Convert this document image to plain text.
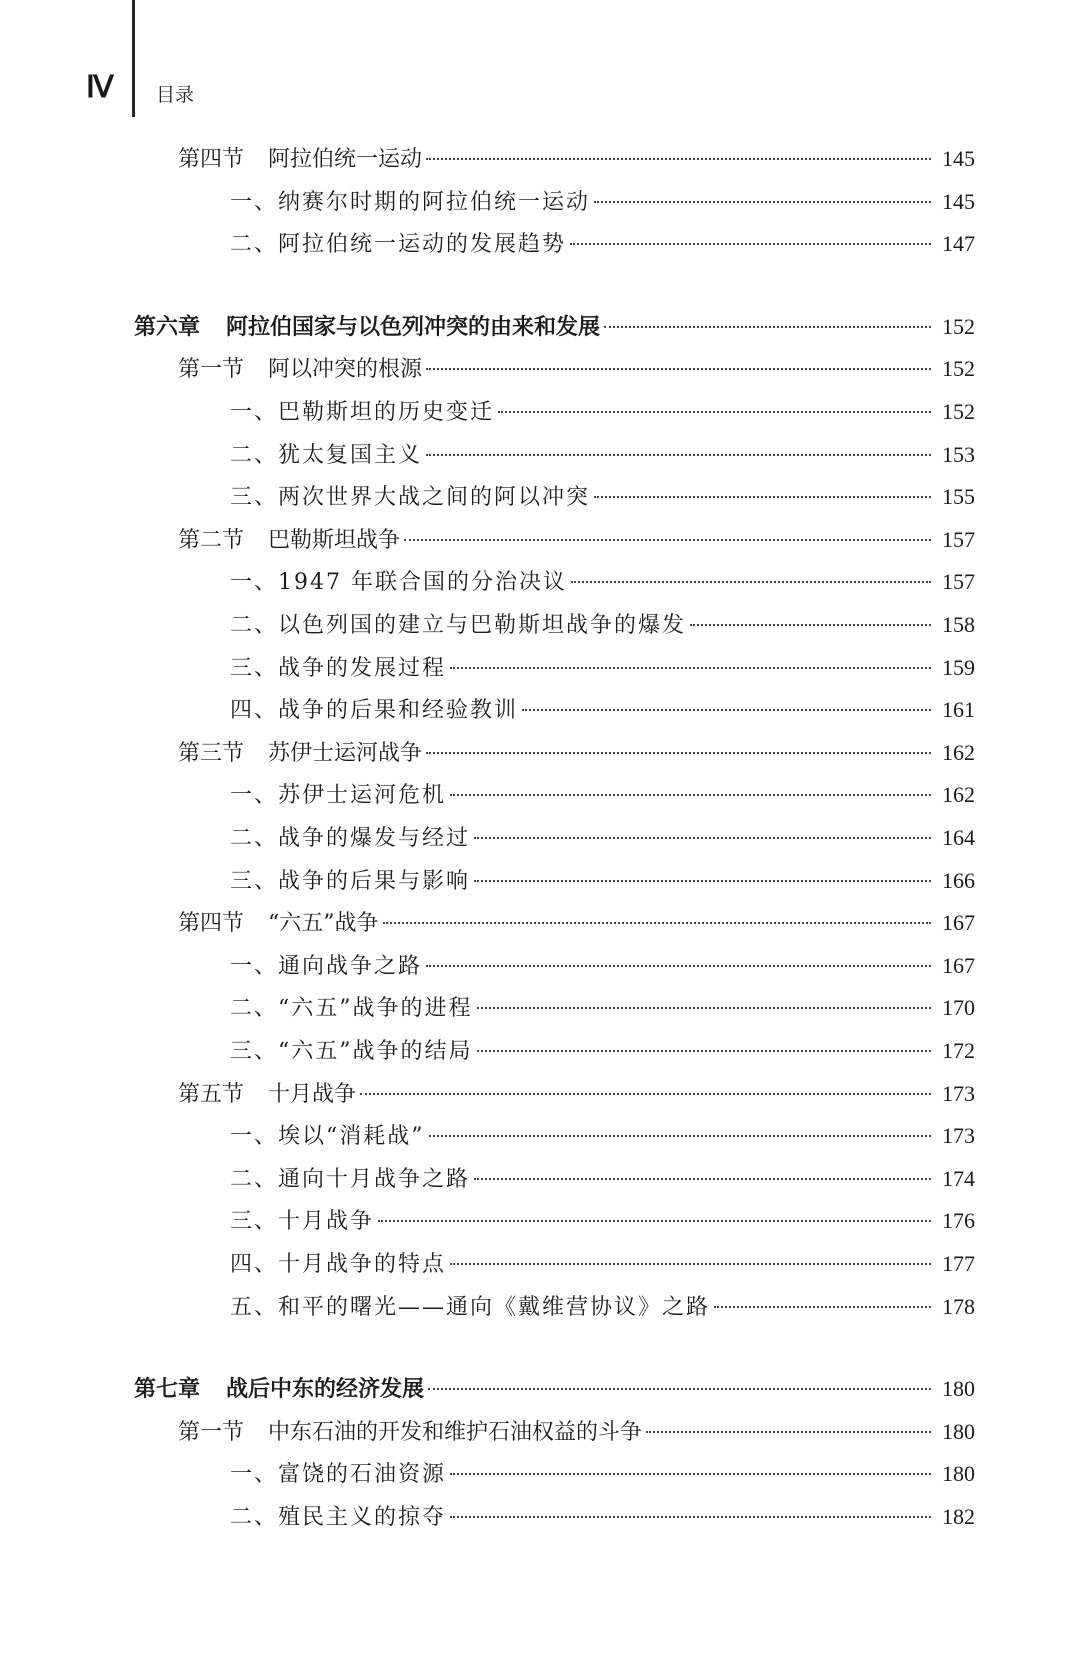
Ⅳ 目录
第四节 阿拉伯统一运动	145
一、纳赛尔时期的阿拉伯统一运动	145
二、阿拉伯统一运动的发展趋势	147
第六章 阿拉伯国家与以色列冲突的由来和发展	152
第一节 阿以冲突的根源	152
一、巴勒斯坦的历史变迁	152
二、犹太复国主义	153
三、两次世界大战之间的阿以冲突	155
第二节 巴勒斯坦战争	157
一、1947 年联合国的分治决议	157
二、以色列国的建立与巴勒斯坦战争的爆发	158
三、战争的发展过程	159
四、战争的后果和经验教训	161
第三节 苏伊士运河战争	162
一、苏伊士运河危机	162
二、战争的爆发与经过	164
三、战争的后果与影响	166
第四节 “六五”战争	167
一、通向战争之路	167
二、“六五”战争的进程	170
三、“六五”战争的结局	172
第五节 十月战争	173
一、埃以“消耗战”	173
二、通向十月战争之路	174
三、十月战争	176
四、十月战争的特点	177
五、和平的曙光——通向《戴维营协议》之路	178
第七章 战后中东的经济发展	180
第一节 中东石油的开发和维护石油权益的斗争	180
一、富饶的石油资源	180
二、殖民主义的掠夺	182
